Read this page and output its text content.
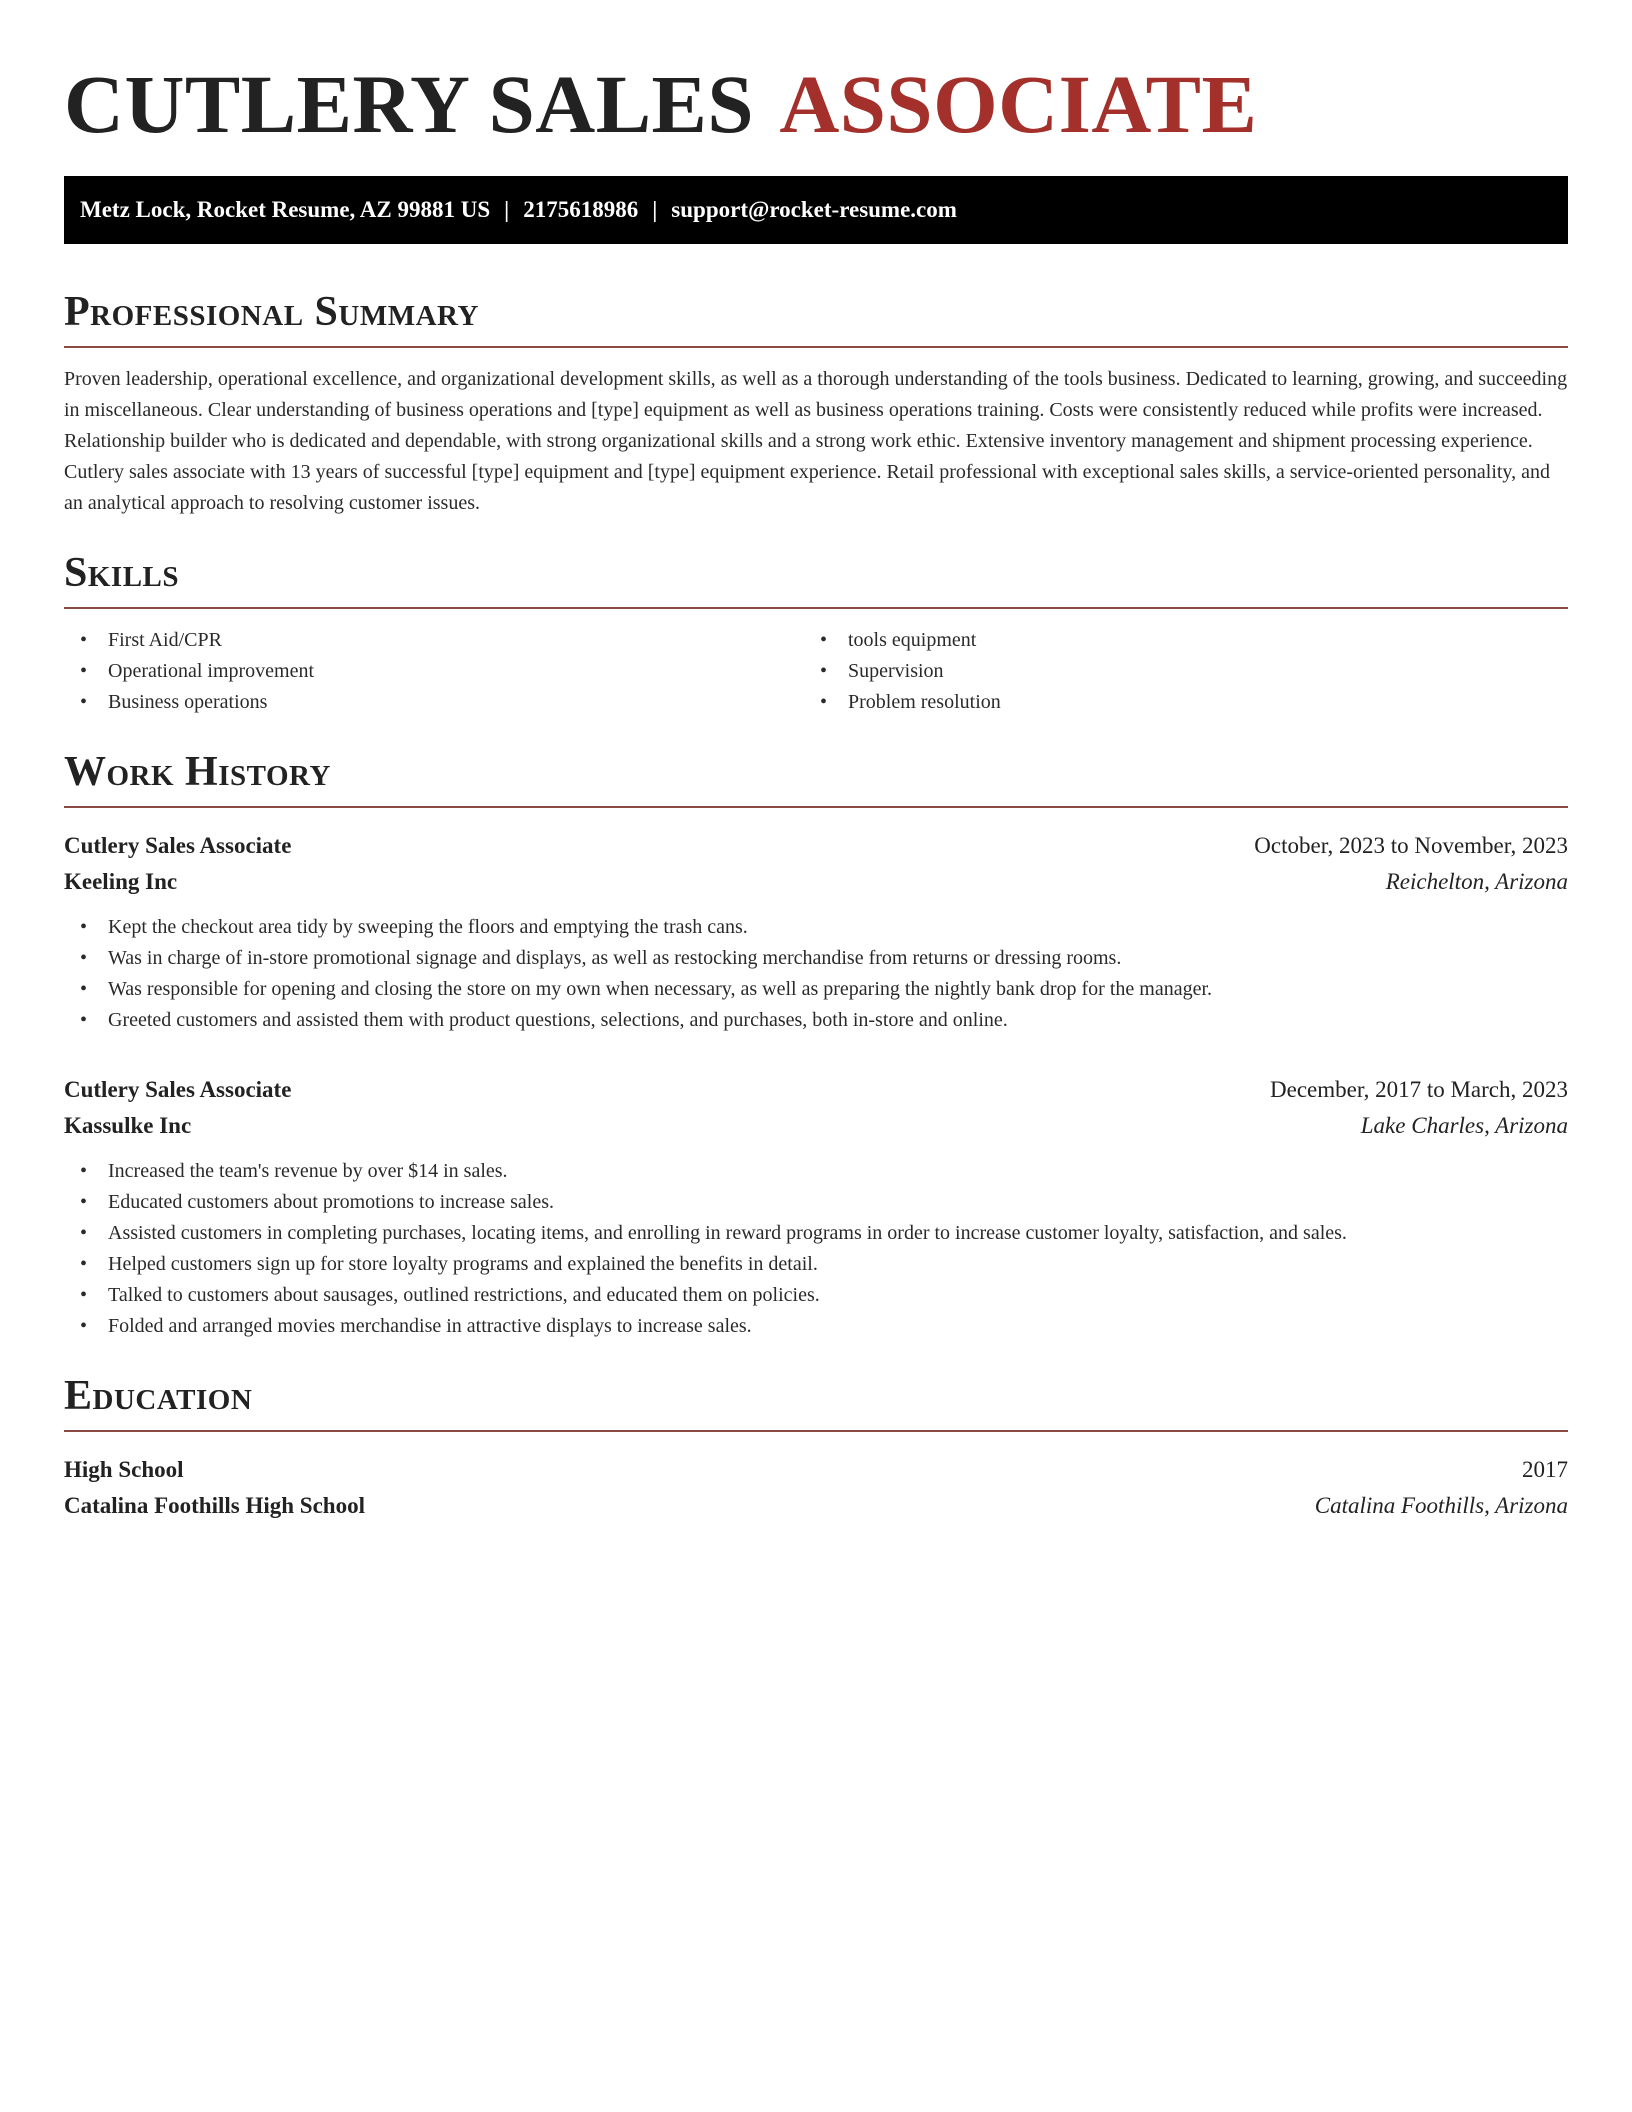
CUTLERY SALES ASSOCIATE
Metz Lock, Rocket Resume, AZ 99881 US | 2175618986 | support@rocket-resume.com
Professional Summary

Proven leadership, operational excellence, and organizational development skills, as well as a thorough understanding of the tools business. Dedicated to learning, growing, and succeeding in miscellaneous. Clear understanding of business operations and [type] equipment as well as business operations training. Costs were consistently reduced while profits were increased. Relationship builder who is dedicated and dependable, with strong organizational skills and a strong work ethic. Extensive inventory management and shipment processing experience. Cutlery sales associate with 13 years of successful [type] equipment and [type] equipment experience. Retail professional with exceptional sales skills, a service-oriented personality, and an analytical approach to resolving customer issues.

Skills
• First Aid/CPR
• Operational improvement
• Business operations
• tools equipment
• Supervision
• Problem resolution
Work History
Cutlery Sales Associate	October, 2023 to November, 2023
Keeling Inc	Reichelton, Arizona
• Kept the checkout area tidy by sweeping the floors and emptying the trash cans.
• Was in charge of in-store promotional signage and displays, as well as restocking merchandise from returns or dressing rooms.
• Was responsible for opening and closing the store on my own when necessary, as well as preparing the nightly bank drop for the manager.
• Greeted customers and assisted them with product questions, selections, and purchases, both in-store and online.
Cutlery Sales Associate	December, 2017 to March, 2023
Kassulke Inc	Lake Charles, Arizona
• Increased the team's revenue by over $14 in sales.
• Educated customers about promotions to increase sales.
• Assisted customers in completing purchases, locating items, and enrolling in reward programs in order to increase customer loyalty, satisfaction, and sales.
• Helped customers sign up for store loyalty programs and explained the benefits in detail.
• Talked to customers about sausages, outlined restrictions, and educated them on policies.
• Folded and arranged movies merchandise in attractive displays to increase sales.
Education
High School	2017
Catalina Foothills High School	Catalina Foothills, Arizona
